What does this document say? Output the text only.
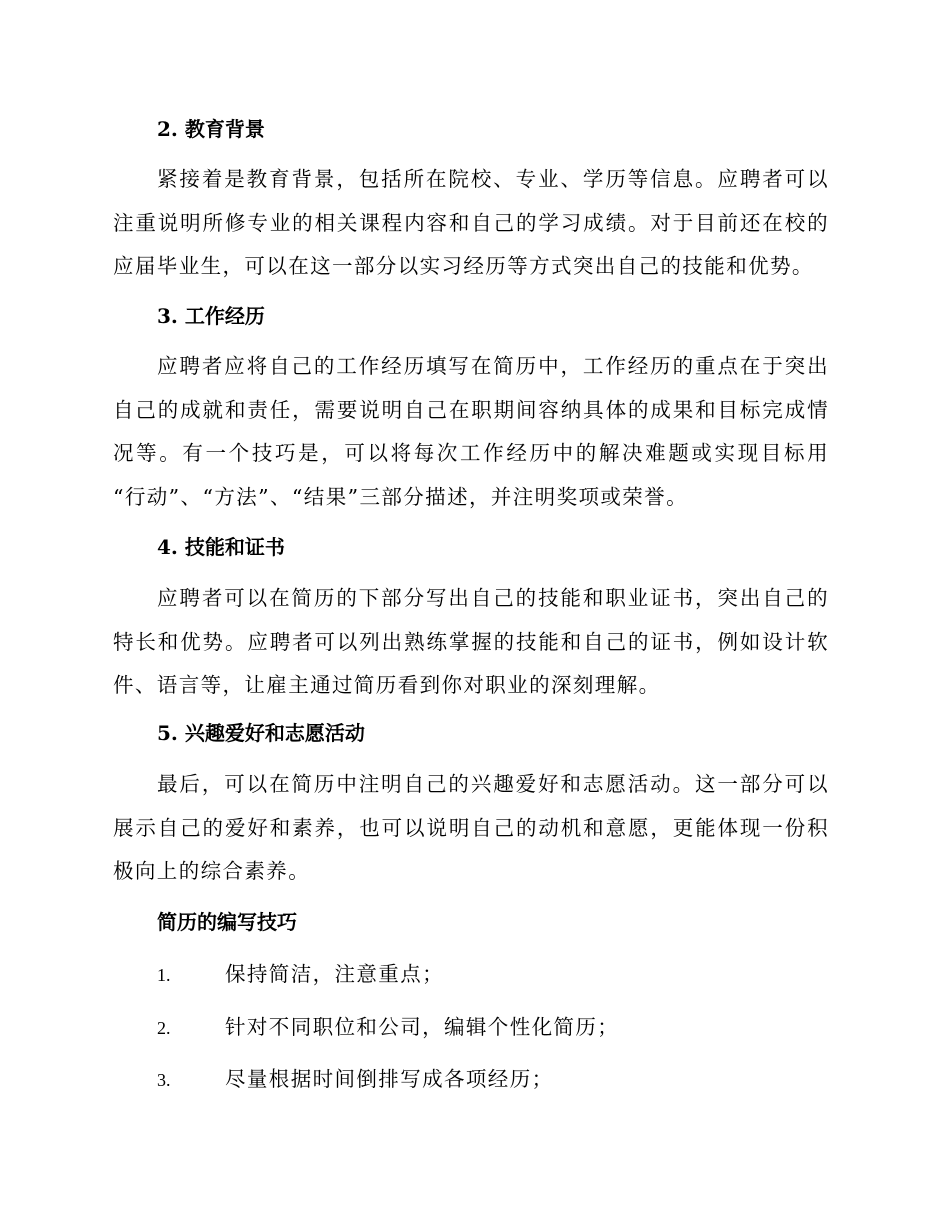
2. 教育背景
紧接着是教育背景，包括所在院校、专业、学历等信息。应聘者可以注重说明所修专业的相关课程内容和自己的学习成绩。对于目前还在校的应届毕业生，可以在这一部分以实习经历等方式突出自己的技能和优势。
3. 工作经历
应聘者应将自己的工作经历填写在简历中，工作经历的重点在于突出自己的成就和责任，需要说明自己在职期间容纳具体的成果和目标完成情况等。有一个技巧是，可以将每次工作经历中的解决难题或实现目标用 “行动”、“方法”、“结果”三部分描述，并注明奖项或荣誉。
4. 技能和证书
应聘者可以在简历的下部分写出自己的技能和职业证书，突出自己的特长和优势。应聘者可以列出熟练掌握的技能和自己的证书，例如设计软件、语言等，让雇主通过简历看到你对职业的深刻理解。
5. 兴趣爱好和志愿活动
最后，可以在简历中注明自己的兴趣爱好和志愿活动。这一部分可以展示自己的爱好和素养，也可以说明自己的动机和意愿，更能体现一份积极向上的综合素养。
简历的编写技巧
1.	保持简洁，注意重点；
2.	针对不同职位和公司，编辑个性化简历；
3.	尽量根据时间倒排写成各项经历；
